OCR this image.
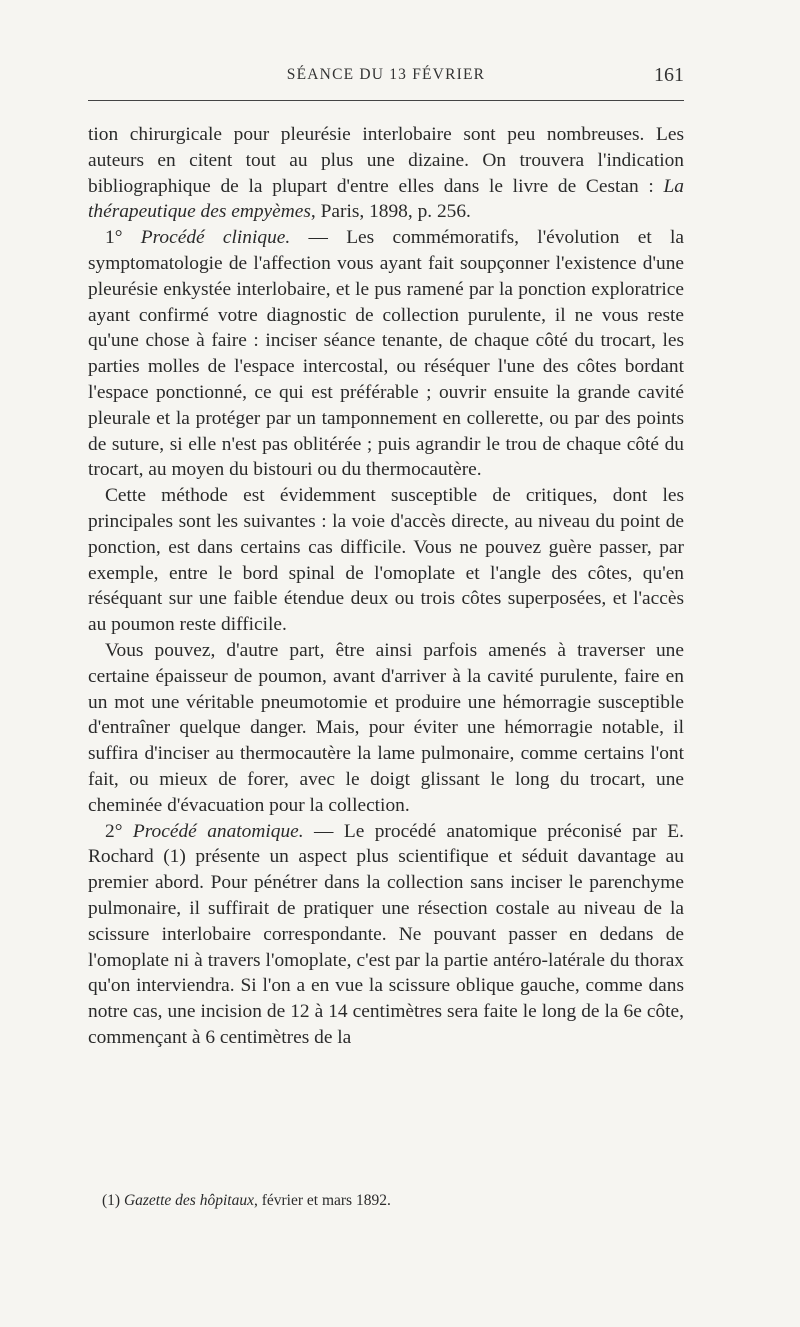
SÉANCE DU 13 FÉVRIER	161

tion chirurgicale pour pleurésie interlobaire sont peu nombreuses. Les auteurs en citent tout au plus une dizaine. On trouvera l'indication bibliographique de la plupart d'entre elles dans le livre de Cestan : La thérapeutique des empyèmes, Paris, 1898, p. 256.

1° Procédé clinique. — Les commémoratifs, l'évolution et la symptomatologie de l'affection vous ayant fait soupçonner l'existence d'une pleurésie enkystée interlobaire, et le pus ramené par la ponction exploratrice ayant confirmé votre diagnostic de collection purulente, il ne vous reste qu'une chose à faire : inciser séance tenante, de chaque côté du trocart, les parties molles de l'espace intercostal, ou réséquer l'une des côtes bordant l'espace ponctionné, ce qui est préférable ; ouvrir ensuite la grande cavité pleurale et la protéger par un tamponnement en collerette, ou par des points de suture, si elle n'est pas oblitérée ; puis agrandir le trou de chaque côté du trocart, au moyen du bistouri ou du thermocautère.

Cette méthode est évidemment susceptible de critiques, dont les principales sont les suivantes : la voie d'accès directe, au niveau du point de ponction, est dans certains cas difficile. Vous ne pouvez guère passer, par exemple, entre le bord spinal de l'omoplate et l'angle des côtes, qu'en réséquant sur une faible étendue deux ou trois côtes superposées, et l'accès au poumon reste difficile.

Vous pouvez, d'autre part, être ainsi parfois amenés à traverser une certaine épaisseur de poumon, avant d'arriver à la cavité purulente, faire en un mot une véritable pneumotomie et produire une hémorragie susceptible d'entraîner quelque danger. Mais, pour éviter une hémorragie notable, il suffira d'inciser au thermocautère la lame pulmonaire, comme certains l'ont fait, ou mieux de forer, avec le doigt glissant le long du trocart, une cheminée d'évacuation pour la collection.

2° Procédé anatomique. — Le procédé anatomique préconisé par E. Rochard (1) présente un aspect plus scientifique et séduit davantage au premier abord. Pour pénétrer dans la collection sans inciser le parenchyme pulmonaire, il suffirait de pratiquer une résection costale au niveau de la scissure interlobaire correspondante. Ne pouvant passer en dedans de l'omoplate ni à travers l'omoplate, c'est par la partie antéro-latérale du thorax qu'on interviendra. Si l'on a en vue la scissure oblique gauche, comme dans notre cas, une incision de 12 à 14 centimètres sera faite le long de la 6e côte, commençant à 6 centimètres de la

(1) Gazette des hôpitaux, février et mars 1892.
